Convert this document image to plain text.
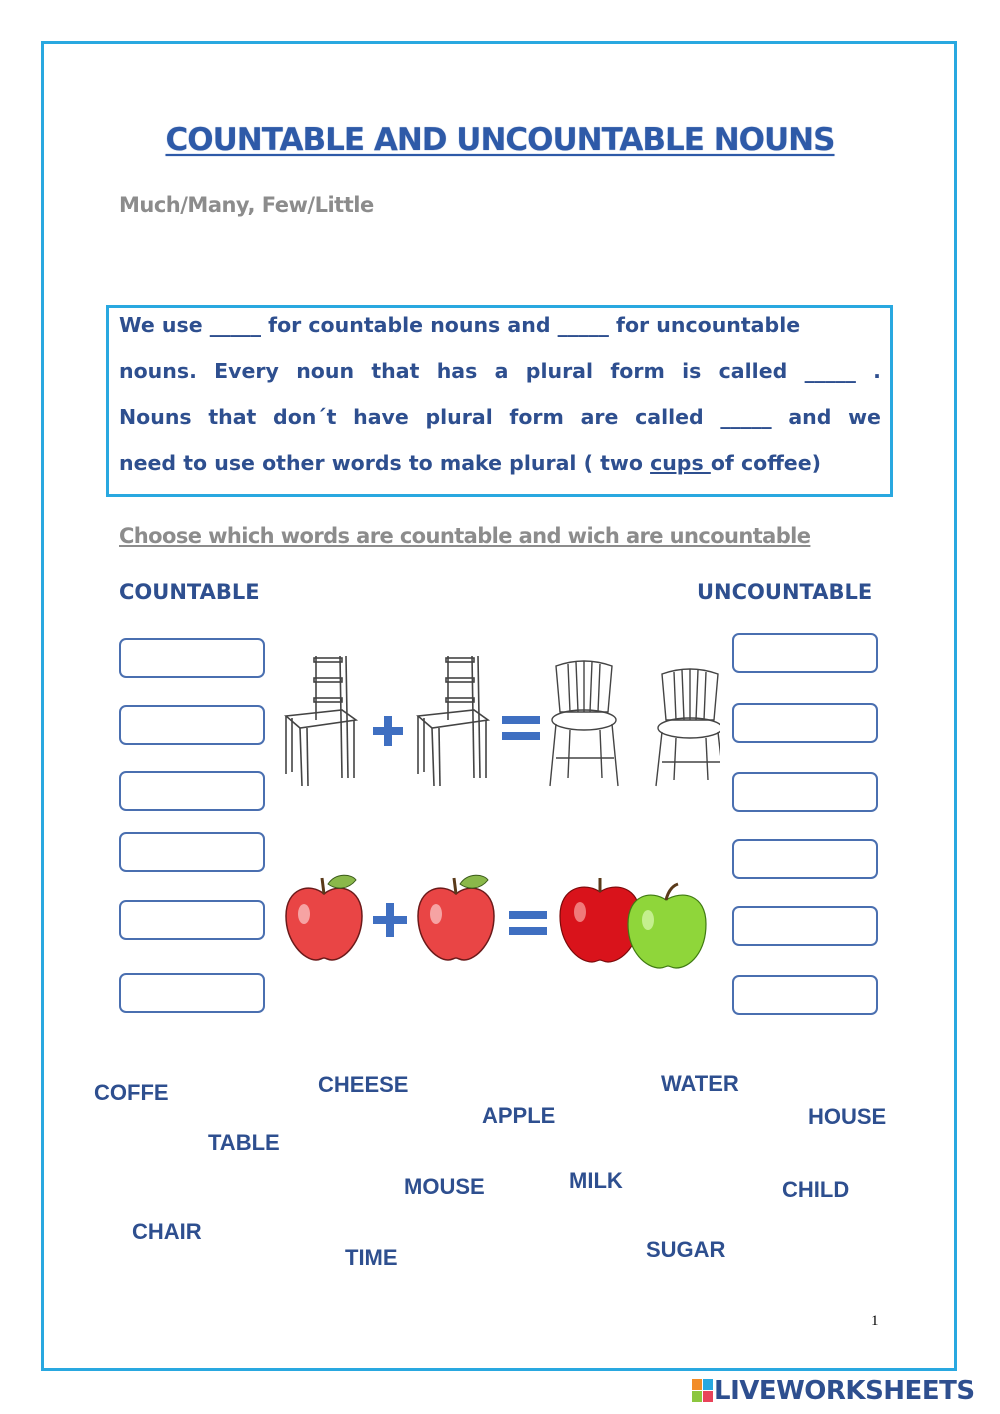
COUNTABLE AND UNCOUNTABLE NOUNS
Much/Many, Few/Little
We use _____ for countable nouns and _____ for uncountable
nouns. Every noun that has a plural form is called _____ .
Nouns that don´t have plural form are called _____ and we
need to use other words to make plural ( two cups of coffee)
Choose which words are countable and wich are uncountable
COUNTABLE	UNCOUNTABLE
COFFE	CHEESE	WATER
APPLE	HOUSE
TABLE
MOUSE	MILK	CHILD
CHAIR
TIME	SUGAR
1
LIVEWORKSHEETS
